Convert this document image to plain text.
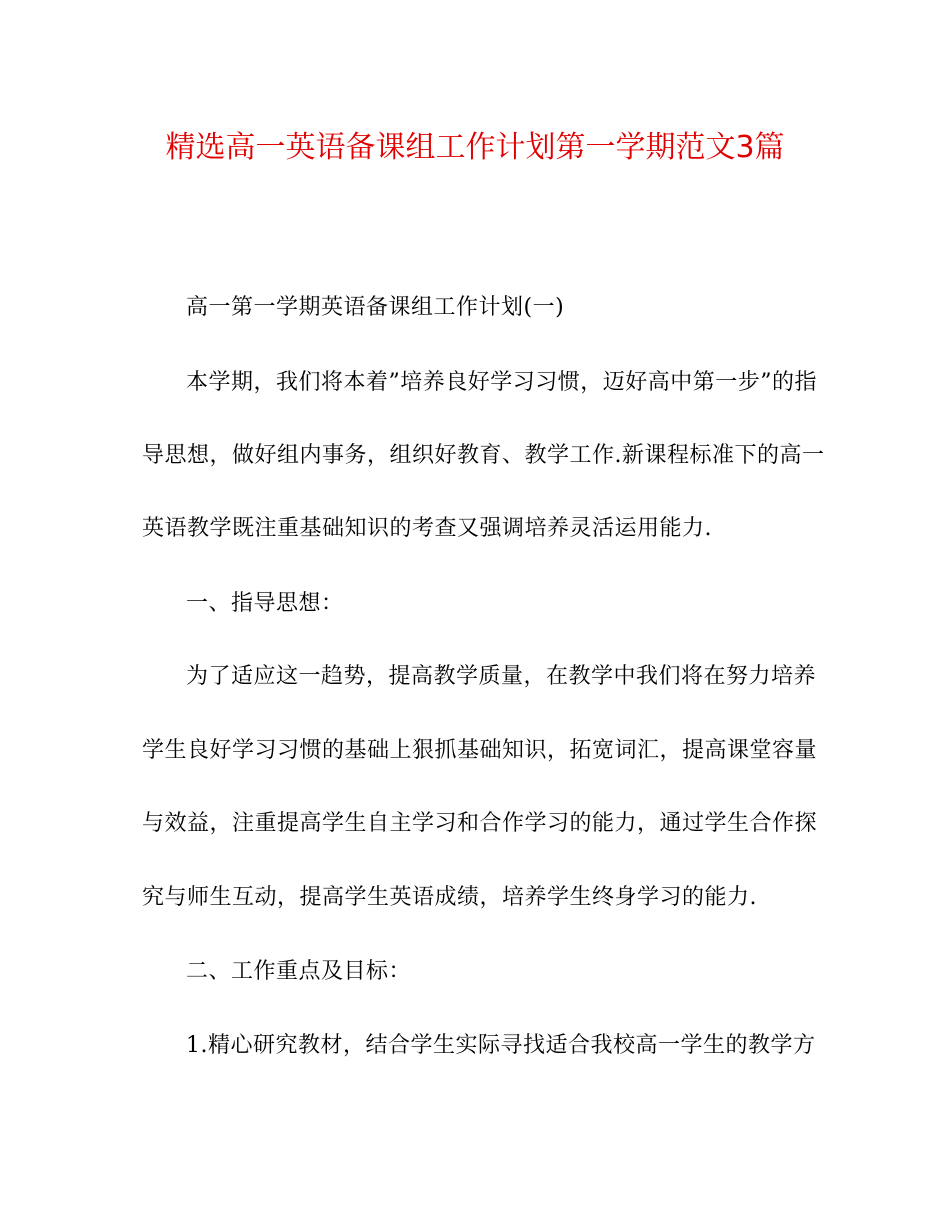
精选高一英语备课组工作计划第一学期范文3篇

高一第一学期英语备课组工作计划(一)

本学期，我们将本着”培养良好学习习惯，迈好高中第一步”的指

导思想，做好组内事务，组织好教育、教学工作.新课程标准下的高一

英语教学既注重基础知识的考查又强调培养灵活运用能力.

一、指导思想：

为了适应这一趋势，提高教学质量，在教学中我们将在努力培养

学生良好学习习惯的基础上狠抓基础知识，拓宽词汇，提高课堂容量

与效益，注重提高学生自主学习和合作学习的能力，通过学生合作探

究与师生互动，提高学生英语成绩，培养学生终身学习的能力.

二、工作重点及目标：

1.精心研究教材，结合学生实际寻找适合我校高一学生的教学方
